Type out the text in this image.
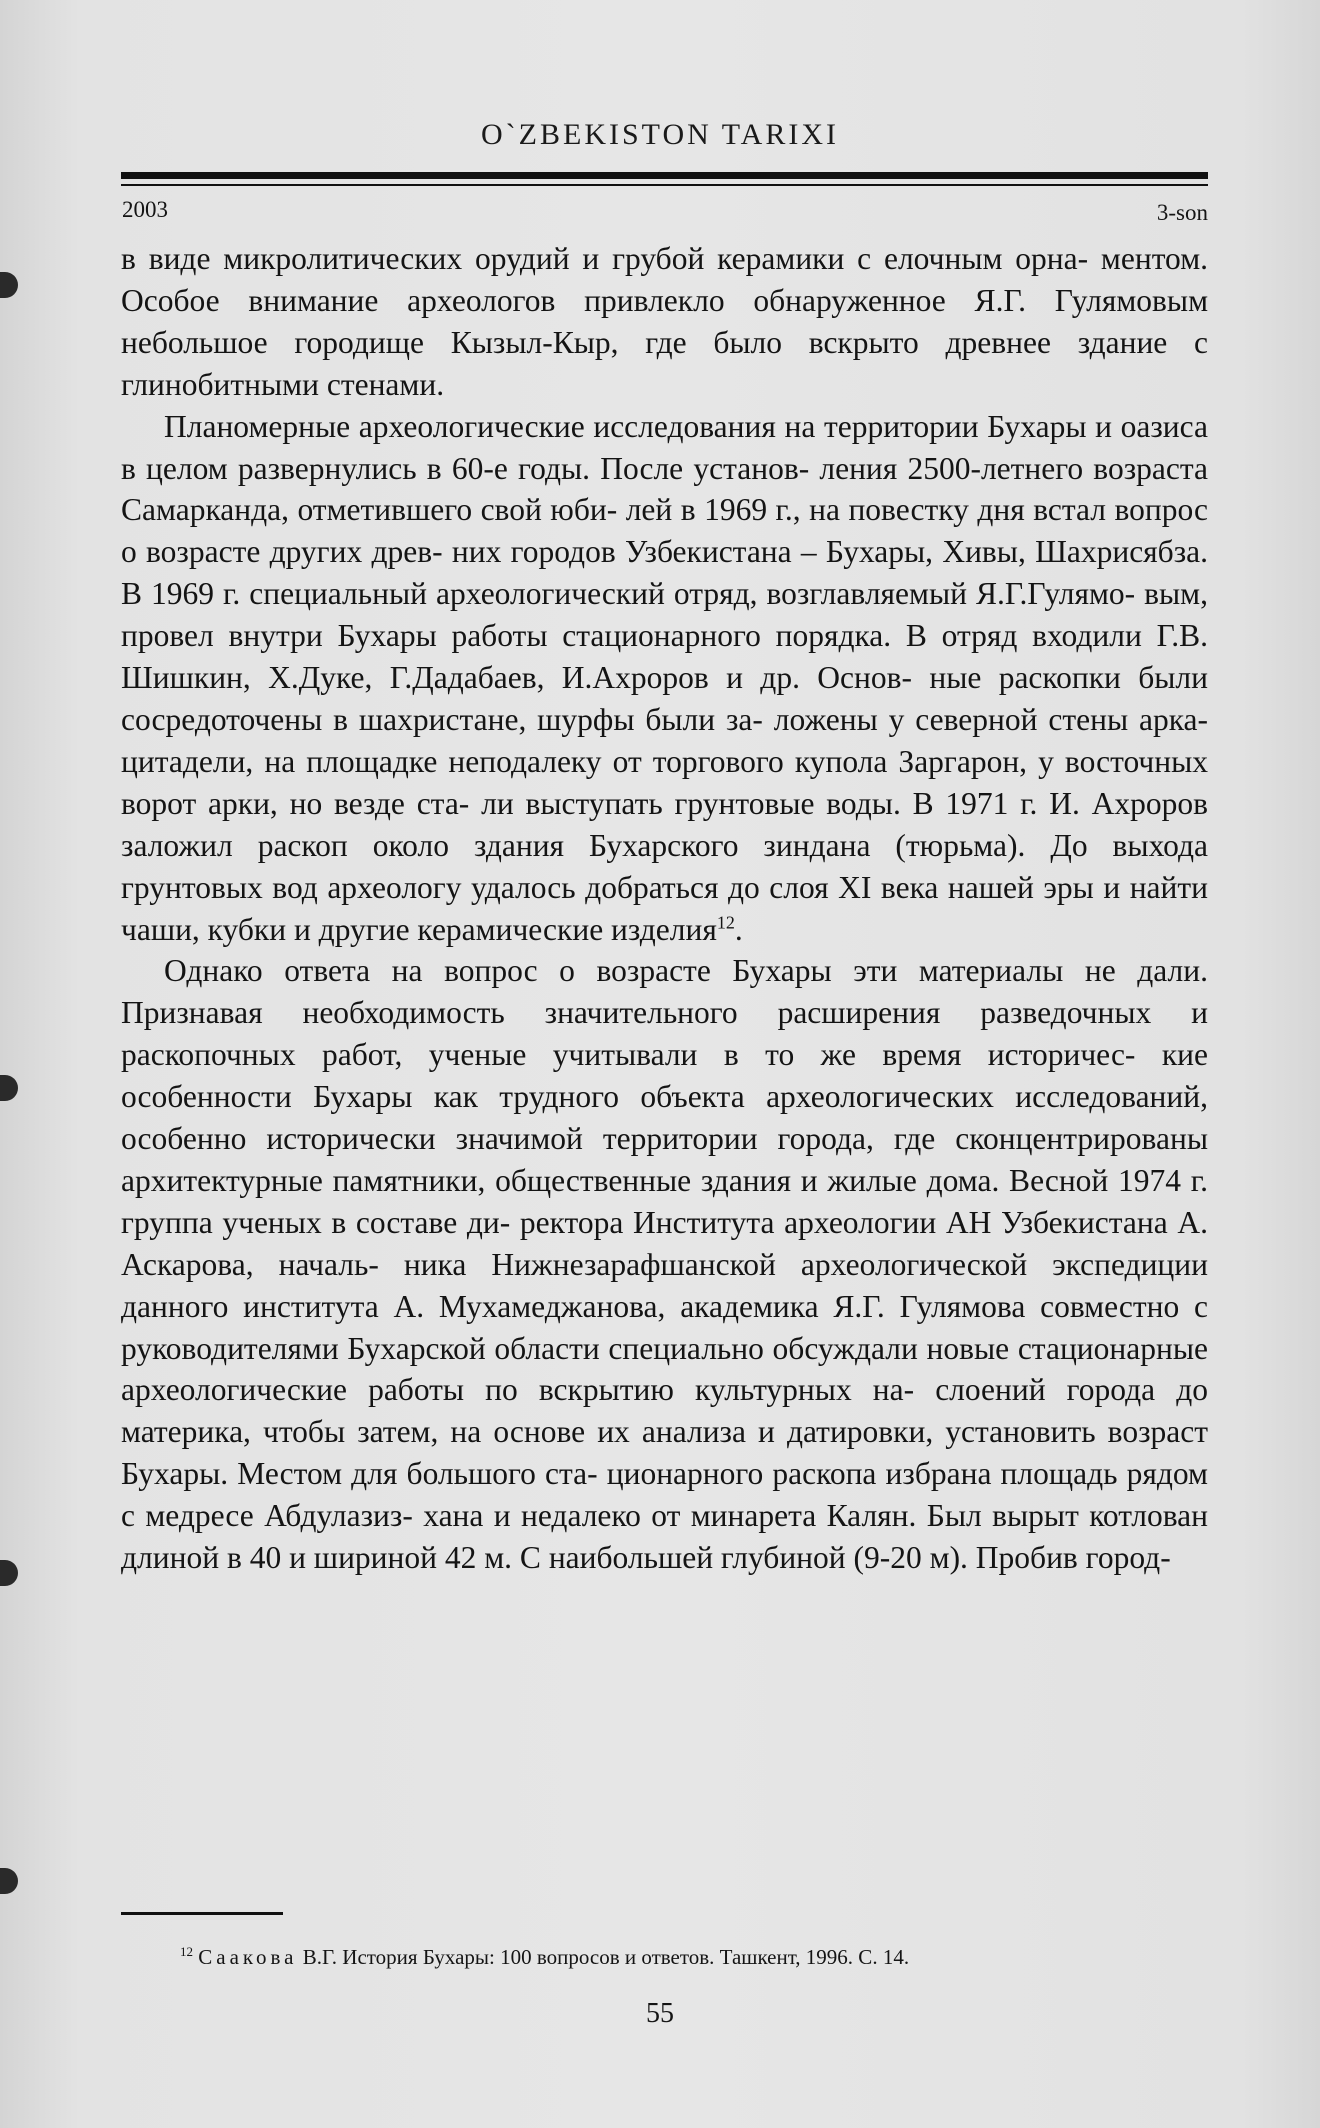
O`ZBEKISTON TARIXI
2003	3-son

в виде микролитических орудий и грубой керамики с елочным орна- ментом. Особое внимание археологов привлекло обнаруженное Я.Г. Гулямовым небольшое городище Кызыл-Кыр, где было вскрыто древнее здание с глинобитными стенами.

Планомерные археологические исследования на территории Бухары и оазиса в целом развернулись в 60-е годы. После установ- ления 2500-летнего возраста Самарканда, отметившего свой юби- лей в 1969 г., на повестку дня встал вопрос о возрасте других древ- них городов Узбекистана – Бухары, Хивы, Шахрисябза. В 1969 г. специальный археологический отряд, возглавляемый Я.Г.Гулямо- вым, провел внутри Бухары работы стационарного порядка. В отряд входили Г.В. Шишкин, Х.Дуке, Г.Дадабаев, И.Ахроров и др. Основ- ные раскопки были сосредоточены в шахристане, шурфы были за- ложены у северной стены арка-цитадели, на площадке неподалеку от торгового купола Заргарон, у восточных ворот арки, но везде ста- ли выступать грунтовые воды. В 1971 г. И. Ахроров заложил раскоп около здания Бухарского зиндана (тюрьма). До выхода грунтовых вод археологу удалось добраться до слоя XI века нашей эры и найти чаши, кубки и другие керамические изделия$^{12}$.

Однако ответа на вопрос о возрасте Бухары эти материалы не дали. Признавая необходимость значительного расширения разведочных и раскопочных работ, ученые учитывали в то же время историчес- кие особенности Бухары как трудного объекта археологических исследований, особенно исторически значимой территории города, где сконцентрированы архитектурные памятники, общественные здания и жилые дома. Весной 1974 г. группа ученых в составе ди- ректора Института археологии АН Узбекистана А. Аскарова, началь- ника Нижнезарафшанской археологической экспедиции данного института А. Мухамеджанова, академика Я.Г. Гулямова совместно с руководителями Бухарской области специально обсуждали новые стационарные археологические работы по вскрытию культурных на- слоений города до материка, чтобы затем, на основе их анализа и датировки, установить возраст Бухары. Местом для большого ста- ционарного раскопа избрана площадь рядом с медресе Абдулазиз- хана и недалеко от минарета Калян. Был вырыт котлован длиной в 40 и шириной 42 м. С наибольшей глубиной (9-20 м). Пробив город-

$^{12}$ Саакова В.Г. История Бухары: 100 вопросов и ответов. Ташкент, 1996. С. 14.
55
